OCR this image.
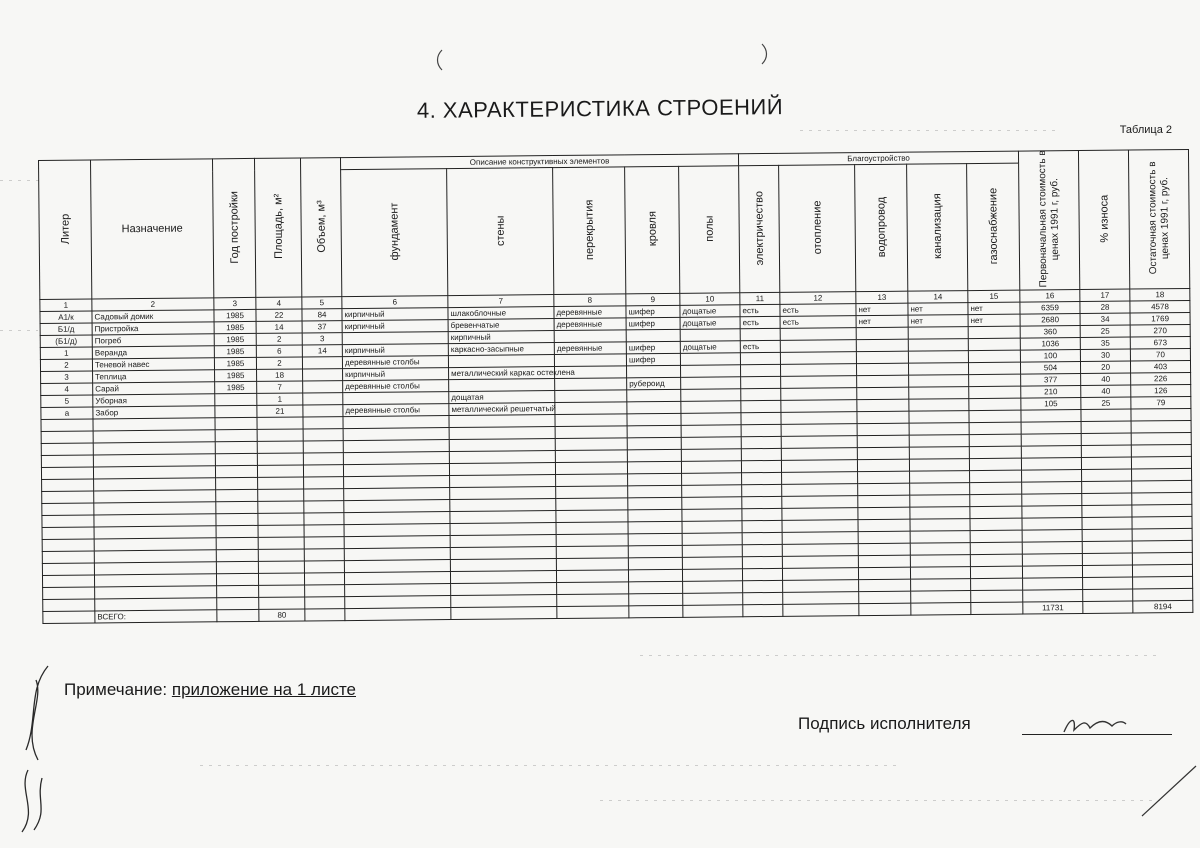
4. ХАРАКТЕРИСТИКА СТРОЕНИЙ
Таблица 2
Литер	Назначение	Год постройки	Площадь, м²	Объем, м³	Описание конструктивных элементов					Благоустройство					Первоначальная стоимость в ценах 1991 г, руб.	% износа	Остаточная стоимость в ценах 1991 г, руб.
					фундамент	стены	перекрытия	кровля	полы	электричество	отопление	водопровод	канализация	газоснабжение			
1	2	3	4	5	6	7	8	9	10	11	12	13	14	15	16	17	18
А1/к	Садовый домик	1985	22	84	кирпичный	шлакоблочные	деревянные	шифер	дощатые	есть	есть	нет	нет	нет	6359	28	4578
Б1/д	Пристройка	1985	14	37	кирпичный	бревенчатые	деревянные	шифер	дощатые	есть	есть	нет	нет	нет	2680	34	1769
(Б1/д)	Погреб	1985	2	3		кирпичный									360	25	270
1	Веранда	1985	6	14	кирпичный	каркасно-засыпные	деревянные	шифер	дощатые	есть					1036	35	673
2	Теневой навес	1985	2		деревянные столбы			шифер							100	30	70
3	Теплица	1985	18		кирпичный	металлический каркас остеклена									504	20	403
4	Сарай	1985	7		деревянные столбы			рубероид							377	40	226
5	Уборная		1			дощатая									210	40	126
а	Забор		21		деревянные столбы	металлический решетчатый									105	25	79

	ВСЕГО:		80												11731		8194
Примечание: приложение на 1 листе
Подпись исполнителя
